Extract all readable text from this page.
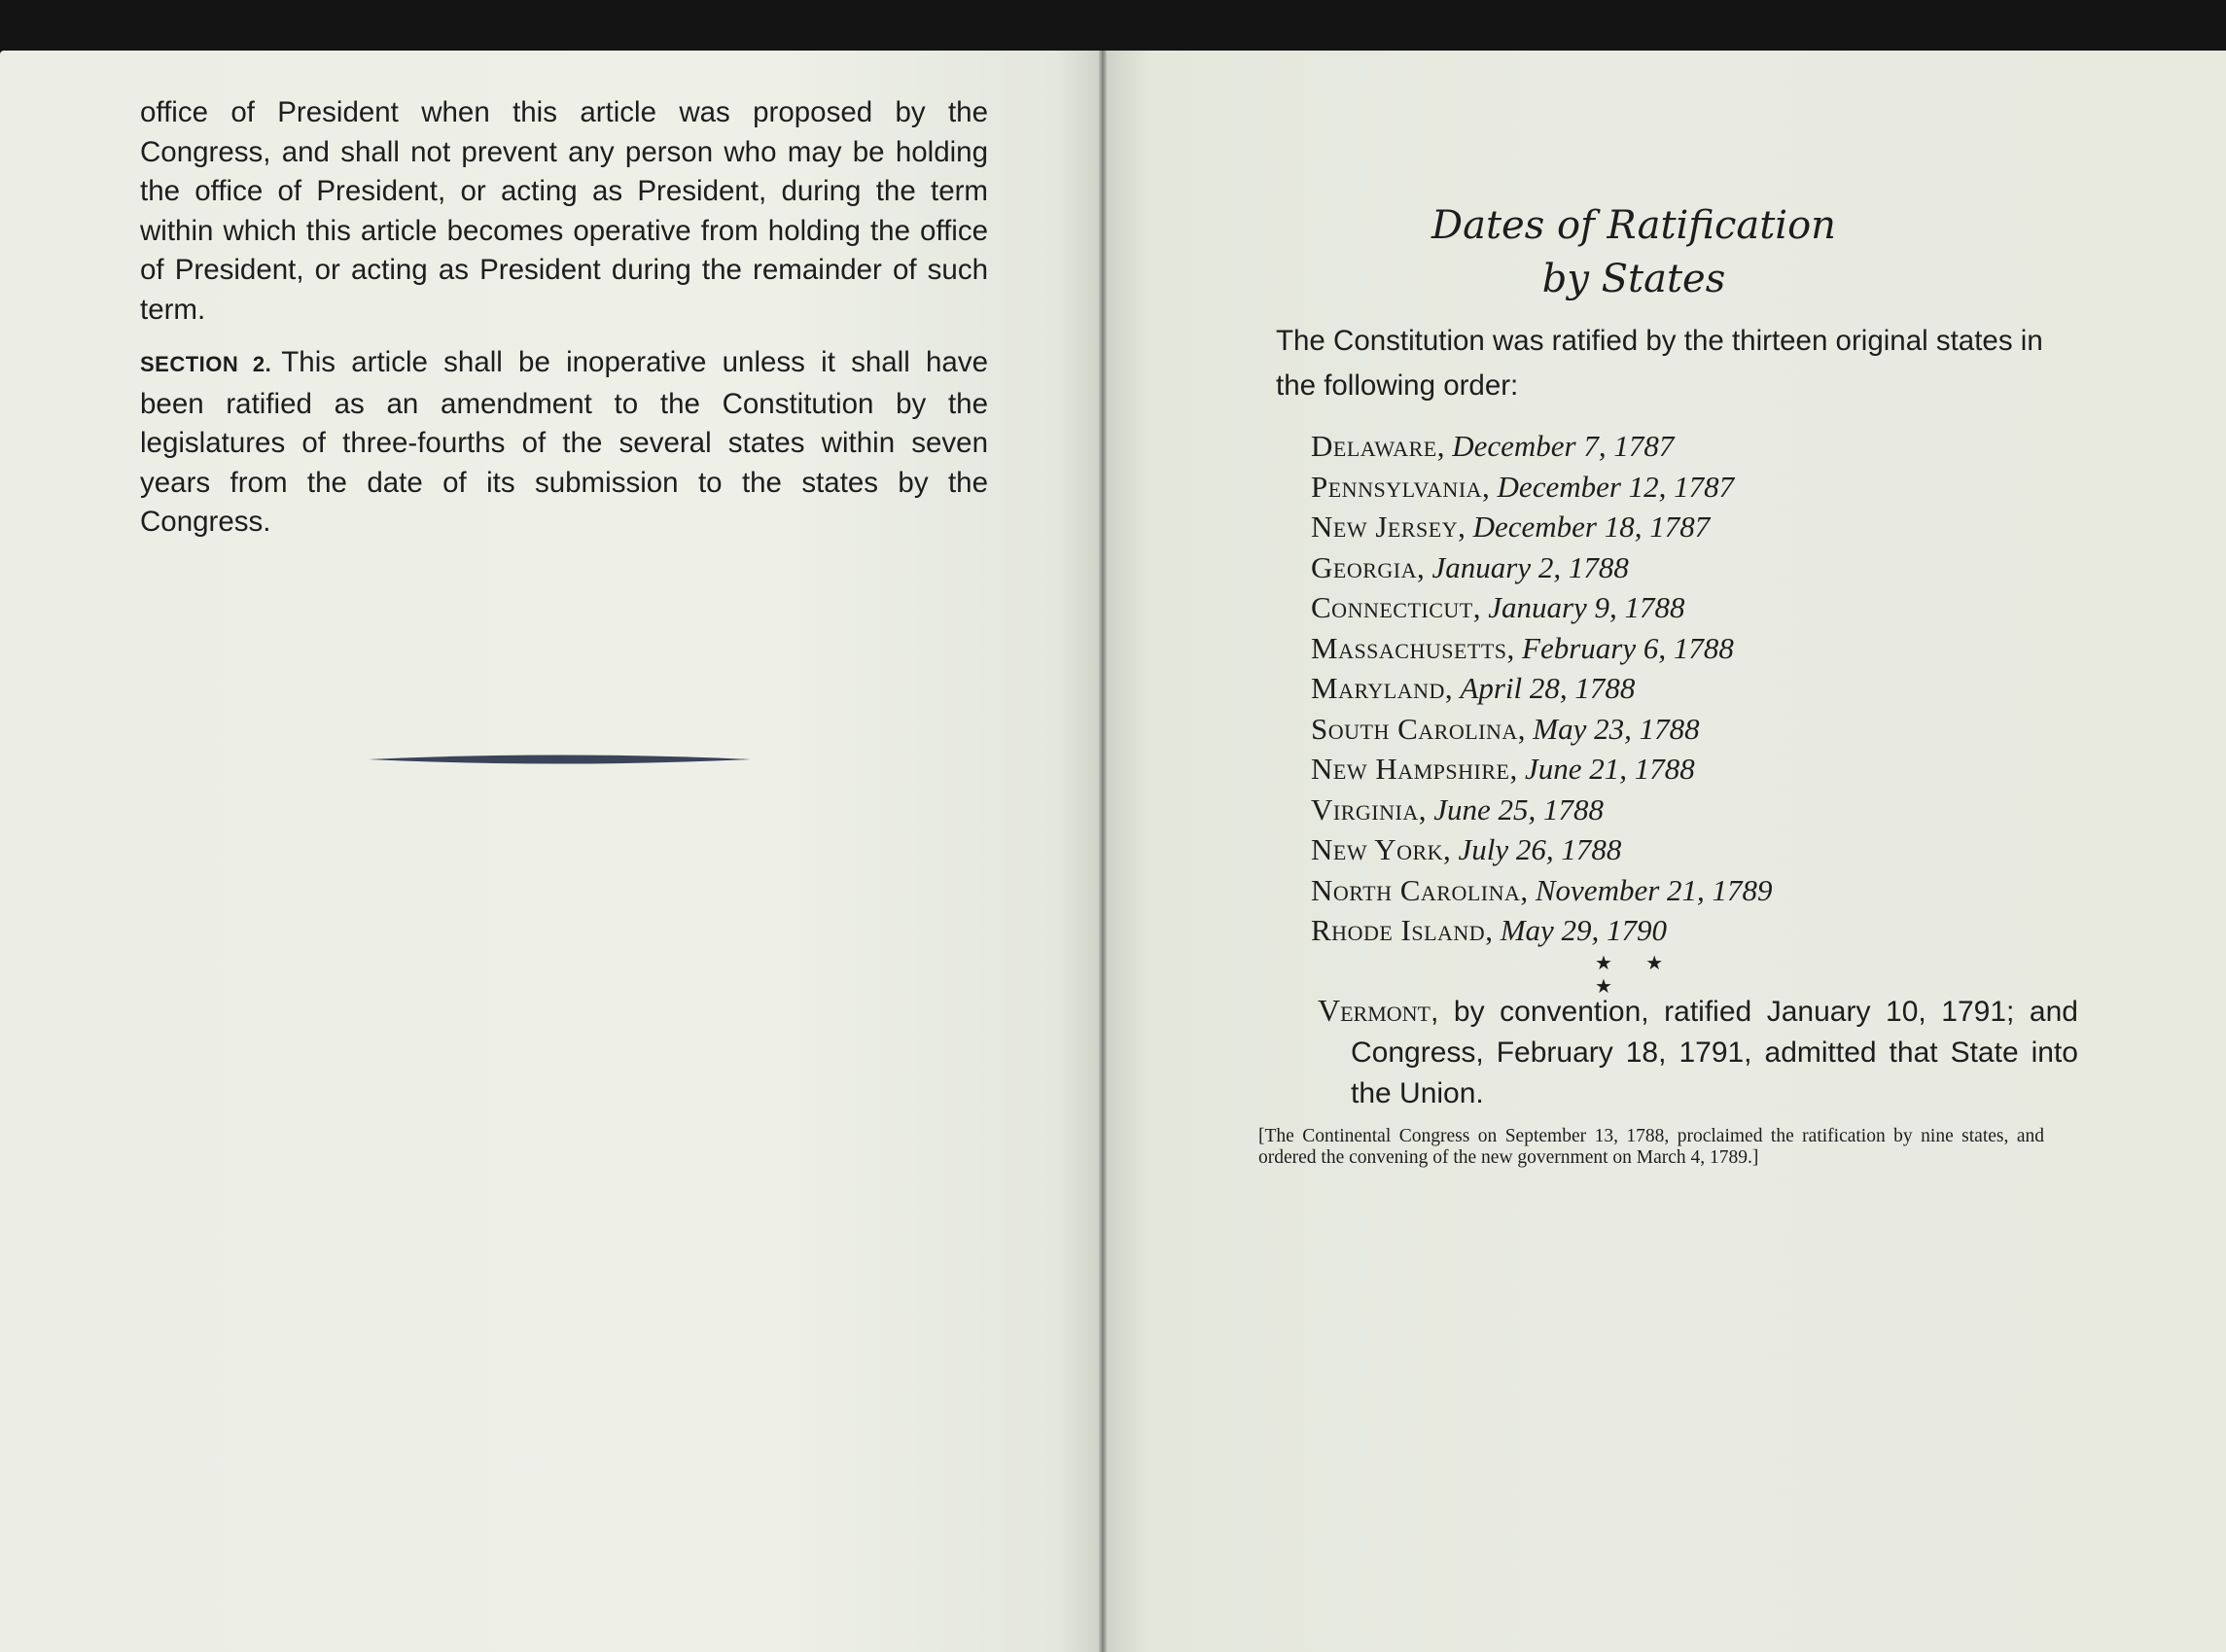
office of President when this article was proposed by the Congress, and shall not prevent any person who may be holding the office of President, or acting as President, during the term within which this article becomes operative from holding the office of President, or acting as President during the remainder of such term.

SECTION 2. This article shall be inoperative unless it shall have been ratified as an amendment to the Constitution by the legislatures of three-fourths of the several states within seven years from the date of its submission to the states by the Congress.

Dates of Ratification
by States
The Constitution was ratified by the thirteen original states in the following order:
Delaware, December 7, 1787
Pennsylvania, December 12, 1787
New Jersey, December 18, 1787
Georgia, January 2, 1788
Connecticut, January 9, 1788
Massachusetts, February 6, 1788
Maryland, April 28, 1788
South Carolina, May 23, 1788
New Hampshire, June 21, 1788
Virginia, June 25, 1788
New York, July 26, 1788
North Carolina, November 21, 1789
Rhode Island, May 29, 1790
★ ★ ★
Vermont, by convention, ratified January 10, 1791; and Congress, February 18, 1791, admitted that State into the Union.
[The Continental Congress on September 13, 1788, proclaimed the ratification by nine states, and ordered the convening of the new government on March 4, 1789.]
